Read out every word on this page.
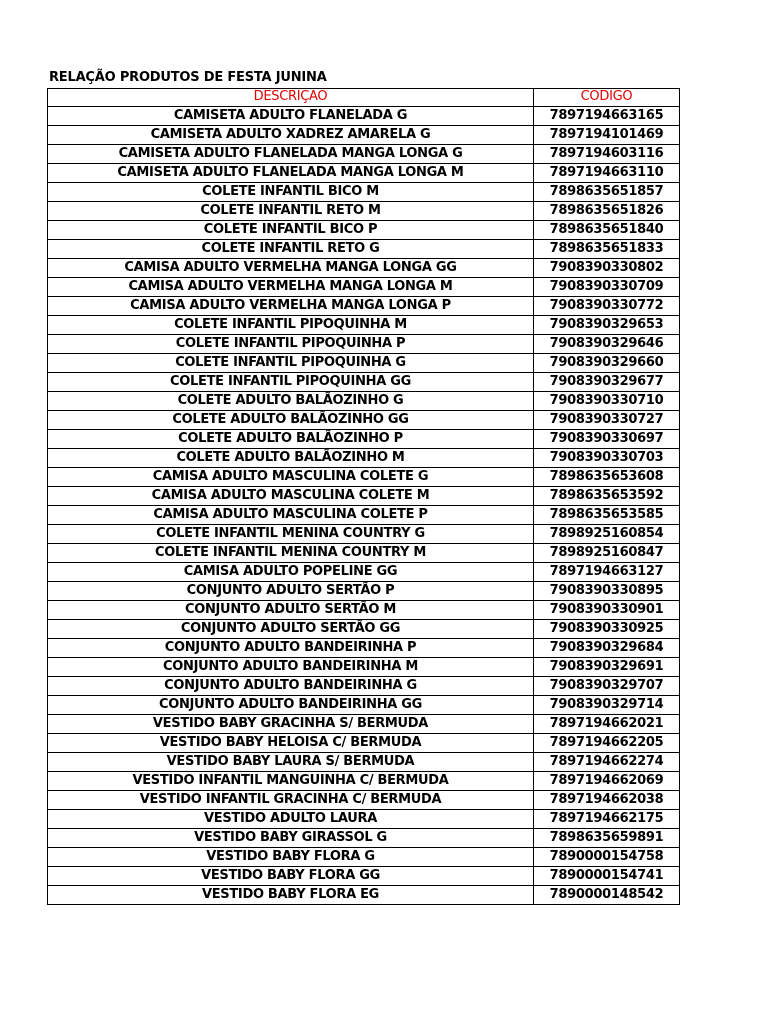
RELAÇÃO PRODUTOS DE FESTA JUNINA
DESCRIÇÃO	CÓDIGO
CAMISETA ADULTO FLANELADA G	7897194663165
CAMISETA ADULTO XADREZ AMARELA G	7897194101469
CAMISETA ADULTO FLANELADA MANGA LONGA G	7897194603116
CAMISETA ADULTO FLANELADA MANGA LONGA M	7897194663110
COLETE INFANTIL BICO M	7898635651857
COLETE INFANTIL RETO M	7898635651826
COLETE INFANTIL BICO P	7898635651840
COLETE INFANTIL RETO G	7898635651833
CAMISA ADULTO VERMELHA MANGA LONGA GG	7908390330802
CAMISA ADULTO VERMELHA MANGA LONGA M	7908390330709
CAMISA ADULTO VERMELHA MANGA LONGA P	7908390330772
COLETE INFANTIL PIPOQUINHA M	7908390329653
COLETE INFANTIL PIPOQUINHA P	7908390329646
COLETE INFANTIL PIPOQUINHA G	7908390329660
COLETE INFANTIL PIPOQUINHA GG	7908390329677
COLETE ADULTO BALÃOZINHO G	7908390330710
COLETE ADULTO BALÃOZINHO GG	7908390330727
COLETE ADULTO BALÃOZINHO P	7908390330697
COLETE ADULTO BALÃOZINHO M	7908390330703
CAMISA ADULTO MASCULINA COLETE G	7898635653608
CAMISA ADULTO MASCULINA COLETE M	7898635653592
CAMISA ADULTO MASCULINA COLETE P	7898635653585
COLETE INFANTIL MENINA COUNTRY G	7898925160854
COLETE INFANTIL MENINA COUNTRY M	7898925160847
CAMISA ADULTO POPELINE GG	7897194663127
CONJUNTO ADULTO SERTÃO P	7908390330895
CONJUNTO ADULTO SERTÃO M	7908390330901
CONJUNTO ADULTO SERTÃO GG	7908390330925
CONJUNTO ADULTO BANDEIRINHA P	7908390329684
CONJUNTO ADULTO BANDEIRINHA M	7908390329691
CONJUNTO ADULTO BANDEIRINHA G	7908390329707
CONJUNTO ADULTO BANDEIRINHA GG	7908390329714
VESTIDO BABY GRACINHA S/ BERMUDA	7897194662021
VESTIDO BABY HELOISA C/ BERMUDA	7897194662205
VESTIDO BABY LAURA S/ BERMUDA	7897194662274
VESTIDO INFANTIL MANGUINHA C/ BERMUDA	7897194662069
VESTIDO INFANTIL GRACINHA C/ BERMUDA	7897194662038
VESTIDO ADULTO LAURA	7897194662175
VESTIDO BABY GIRASSOL G	7898635659891
VESTIDO BABY FLORA G	7890000154758
VESTIDO BABY FLORA GG	7890000154741
VESTIDO BABY FLORA EG	7890000148542
